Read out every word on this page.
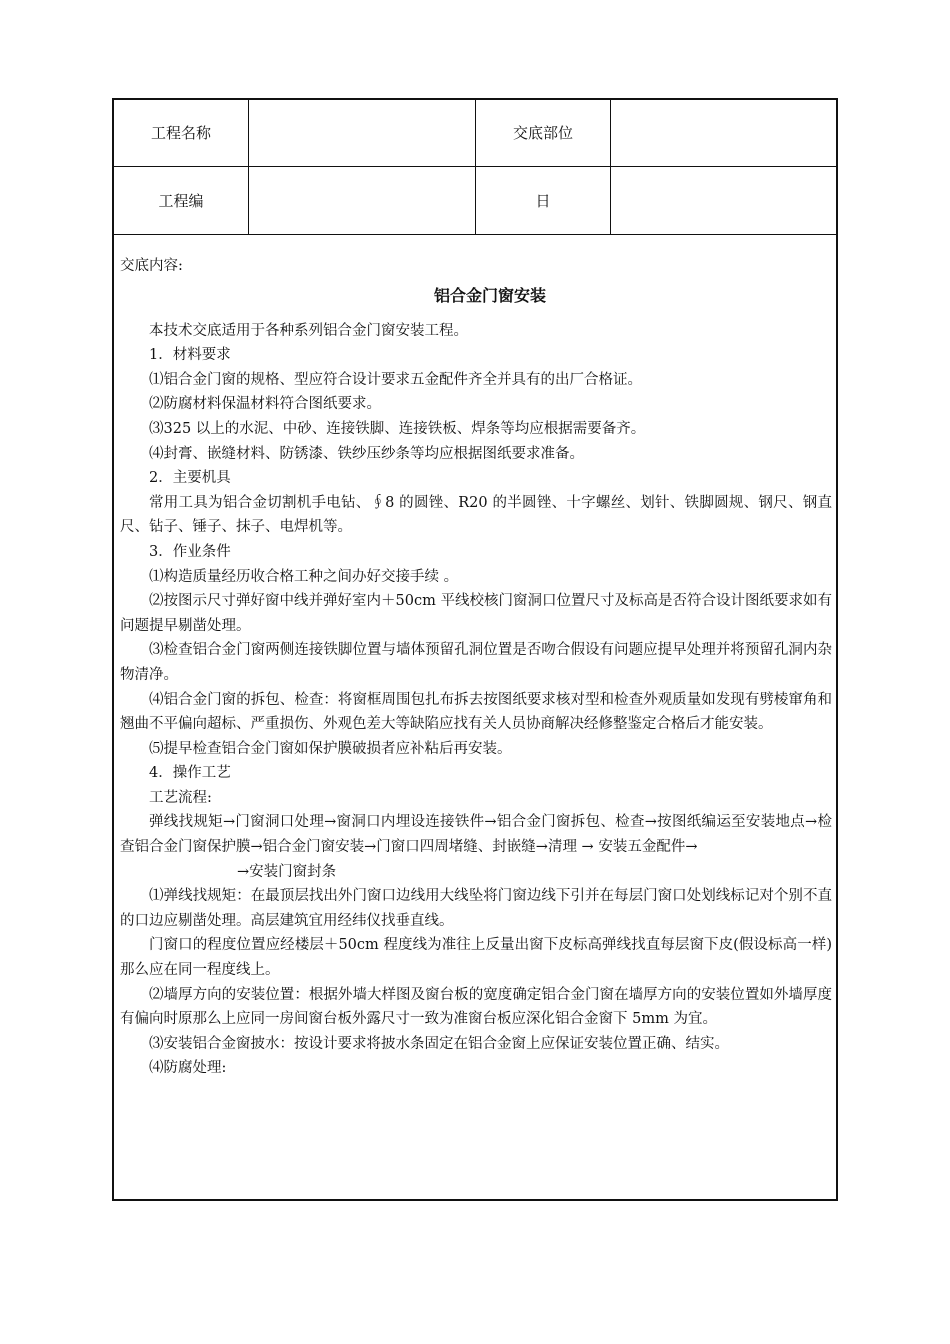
工程名称	交底部位
工程编	日

交底内容:

铝合金门窗安装

本技术交底适用于各种系列铝合金门窗安装工程。

1．材料要求

⑴铝合金门窗的规格、型应符合设计要求五金配件齐全并具有的出厂合格证。

⑵防腐材料保温材料符合图纸要求。

⑶325 以上的水泥、中砂、连接铁脚、连接铁板、焊条等均应根据需要备齐。

⑷封膏、嵌缝材料、防锈漆、铁纱压纱条等均应根据图纸要求准备。

2．主要机具

常用工具为铝合金切割机手电钻、∮8 的圆锉、R20 的半圆锉、十字螺丝、划针、铁脚圆规、钢尺、钢直尺、钻子、锤子、抹子、电焊机等。

3．作业条件

⑴构造质量经历收合格工种之间办好交接手续 。

⑵按图示尺寸弹好窗中线并弹好室内＋50cm 平线校核门窗洞口位置尺寸及标高是否符合设计图纸要求如有问题提早剔凿处理。

⑶检查铝合金门窗两侧连接铁脚位置与墙体预留孔洞位置是否吻合假设有问题应提早处理并将预留孔洞内杂物清净。

⑷铝合金门窗的拆包、检查：将窗框周围包扎布拆去按图纸要求核对型和检查外观质量如发现有劈棱窜角和翘曲不平偏向超标、严重损伤、外观色差大等缺陷应找有关人员协商解决经修整鉴定合格后才能安装。

⑸提早检查铝合金门窗如保护膜破损者应补粘后再安装。

4．操作工艺

工艺流程:

弹线找规矩→门窗洞口处理→窗洞口内埋设连接铁件→铝合金门窗拆包、检查→按图纸编运至安装地点→检查铝合金门窗保护膜→铝合金门窗安装→门窗口四周堵缝、封嵌缝→清理 → 安装五金配件→

→安装门窗封条

⑴弹线找规矩：在最顶层找出外门窗口边线用大线坠将门窗边线下引并在每层门窗口处划线标记对个别不直的口边应剔凿处理。高层建筑宜用经纬仪找垂直线。

门窗口的程度位置应经楼层＋50cm 程度线为准往上反量出窗下皮标高弹线找直每层窗下皮(假设标高一样)那么应在同一程度线上。

⑵墙厚方向的安装位置：根据外墙大样图及窗台板的宽度确定铝合金门窗在墙厚方向的安装位置如外墙厚度有偏向时原那么上应同一房间窗台板外露尺寸一致为准窗台板应深化铝合金窗下 5mm 为宜。

⑶安装铝合金窗披水：按设计要求将披水条固定在铝合金窗上应保证安装位置正确、结实。

⑷防腐处理:
